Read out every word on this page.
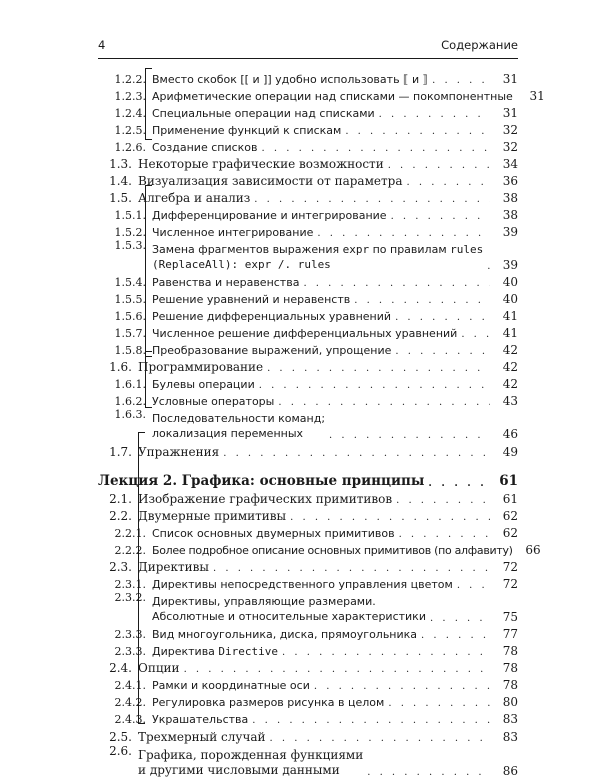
4	Содержание
1.2.2. Вместо скобок [[ и ]] удобно использовать ⟦ и ⟧ . . .	31
1.2.3. Арифметические операции над списками — покомпонентные	31
1.2.4. Специальные операции над списками . . .	31
1.2.5. Применение функций к спискам . . .	32
1.2.6. Создание списков . . .	32
1.3. Некоторые графические возможности . . .	34
1.4. Визуализация зависимости от параметра . . .	36
1.5. Алгебра и анализ . . .	38
1.5.1. Дифференцирование и интегрирование . . .	38
1.5.2. Численное интегрирование . . .	39
1.5.3. Замена фрагментов выражения expr по правилам rules
(ReplaceAll): expr /. rules . . .	39
1.5.4. Равенства и неравенства . . .	40
1.5.5. Решение уравнений и неравенств . . .	40
1.5.6. Решение дифференциальных уравнений . . .	41
1.5.7. Численное решение дифференциальных уравнений . . .	41
1.5.8. Преобразование выражений, упрощение . . .	42
1.6. Программирование . . .	42
1.6.1. Булевы операции . . .	42
1.6.2. Условные операторы . . .	43
1.6.3. Последовательности команд;
локализация переменных . . .	46
1.7. Упражнения . . .	49
Лекция 2. Графика: основные принципы . . .	61
2.1. Изображение графических примитивов . . .	61
2.2. Двумерные примитивы . . .	62
2.2.1. Список основных двумерных примитивов . . .	62
2.2.2. Более подробное описание основных примитивов (по алфавиту)	66
2.3. Директивы . . .	72
2.3.1. Директивы непосредственного управления цветом . . .	72
2.3.2. Директивы, управляющие размерами.
Абсолютные и относительные характеристики . . .	75
2.3.3. Вид многоугольника, диска, прямоугольника . . .	77
2.3.3. Директива Directive . . .	78
2.4. Опции . . .	78
2.4.1. Рамки и координатные оси . . .	78
2.4.2. Регулировка размеров рисунка в целом . . .	80
2.4.3. Украшательства . . .	83
2.5. Трехмерный случай . . .	83
2.6. Графика, порожденная функциями
и другими числовыми данными . . .	86
